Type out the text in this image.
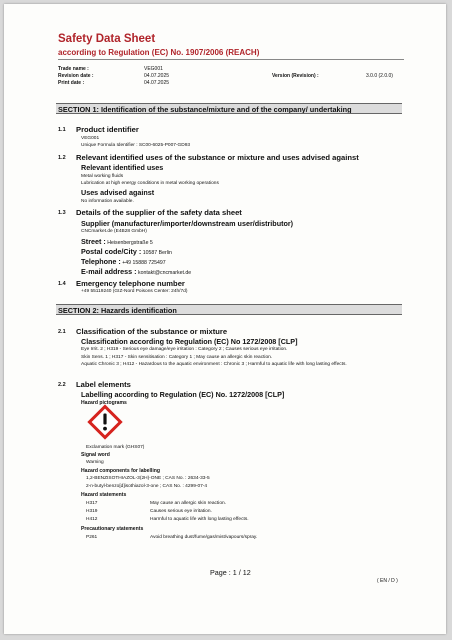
Safety Data Sheet
according to Regulation (EC) No. 1907/2006 (REACH)
Trade name :	VEG001
Revision date :	04.07.2025
Print date :	04.07.2025
Version (Revision) :	3.0.0 (2.0.0)
SECTION 1: Identification of the substance/mixture and of the company/ undertaking
1.1 Product identifier
VEG001
Unique Formula Identifier : SC00-6025-P007-GD93
1.2 Relevant identified uses of the substance or mixture and uses advised against
Relevant identified uses
Metal working fluids
Lubrication at high energy conditions in metal working operations
Uses advised against
No information available.
1.3 Details of the supplier of the safety data sheet
Supplier (manufacturer/importer/downstream user/distributor)
CNCmarket.de (E4B28 GmbH)
Street : Heisenbergstraße 5
Postal code/City : 10587 Berlin
Telephone : +49 15888 725497
E-mail address : kontakt@cncmarket.de
1.4 Emergency telephone number
+49 55119240 (GIZ-Nord Poisons Center: 24h/7d)
SECTION 2: Hazards identification
2.1 Classification of the substance or mixture
Classification according to Regulation (EC) No 1272/2008 [CLP]
Eye Irrit. 2 ; H319 - Serious eye damage/eye irritation : Category 2 ; Causes serious eye irritation.
Skin Sens. 1 ; H317 - Skin sensitisation : Category 1 ; May cause an allergic skin reaction.
Aquatic Chronic 3 ; H412 - Hazardous to the aquatic environment : Chronic 3 ; Harmful to aquatic life with long lasting effects.
2.2 Label elements
Labelling according to Regulation (EC) No. 1272/2008 [CLP]
Hazard pictograms
Exclamation mark (GHS07)
Signal word
Warning
Hazard components for labelling
1,2-BENZISOTHIAZOL-3(2H)-ONE ; CAS No. : 2634-33-5
2-n-butyl-benzo[d]isothiazol-3-one ; CAS No. : 4299-07-4
Hazard statements
H317	May cause an allergic skin reaction.
H319	Causes serious eye irritation.
H412	Harmful to aquatic life with long lasting effects.
Precautionary statements
P261	Avoid breathing dust/fume/gas/mist/vapours/spray.
Page : 1 / 12
( EN / D )
